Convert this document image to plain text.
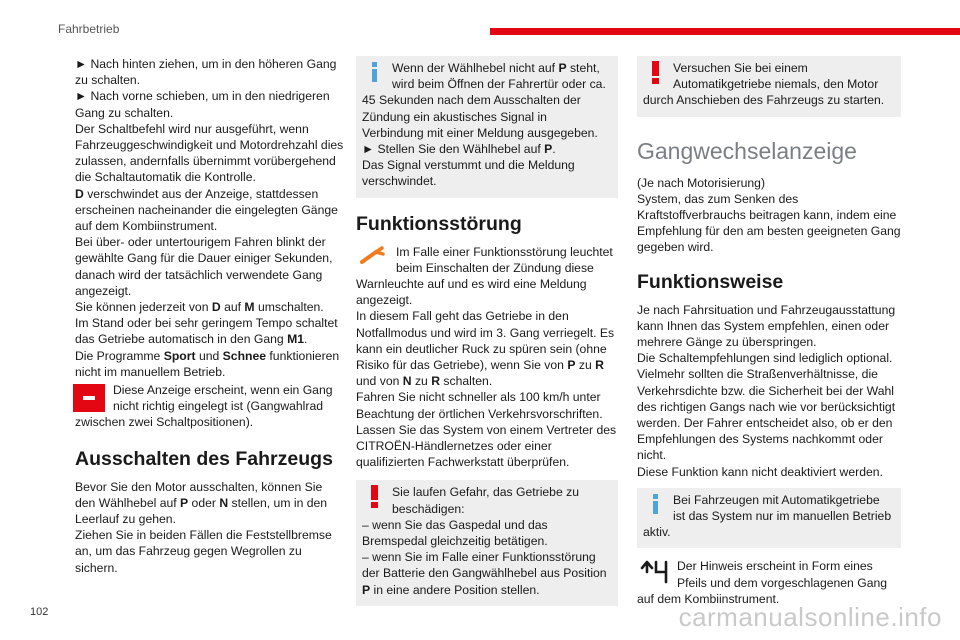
Fahrbetrieb

► Nach hinten ziehen, um in den höheren Gang zu schalten.

► Nach vorne schieben, um in den niedrigeren Gang zu schalten.

Der Schaltbefehl wird nur ausgeführt, wenn Fahrzeuggeschwindigkeit und Motordrehzahl dies zulassen, andernfalls übernimmt vorübergehend die Schaltautomatik die Kontrolle.

D verschwindet aus der Anzeige, stattdessen erscheinen nacheinander die eingelegten Gänge auf dem Kombiinstrument.

Bei über- oder untertourigem Fahren blinkt der gewählte Gang für die Dauer einiger Sekunden, danach wird der tatsächlich verwendete Gang angezeigt.

Sie können jederzeit von D auf M umschalten.

Im Stand oder bei sehr geringem Tempo schaltet das Getriebe automatisch in den Gang M1.

Die Programme Sport und Schnee funktionieren nicht im manuellem Betrieb.

Diese Anzeige erscheint, wenn ein Gang nicht richtig eingelegt ist (Gangwahlrad zwischen zwei Schaltpositionen).

Ausschalten des Fahrzeugs

Bevor Sie den Motor ausschalten, können Sie den Wählhebel auf P oder N stellen, um in den Leerlauf zu gehen.

Ziehen Sie in beiden Fällen die Feststellbremse an, um das Fahrzeug gegen Wegrollen zu sichern.

Wenn der Wählhebel nicht auf P steht, wird beim Öffnen der Fahrertür oder ca. 45 Sekunden nach dem Ausschalten der Zündung ein akustisches Signal in Verbindung mit einer Meldung ausgegeben.

► Stellen Sie den Wählhebel auf P.

Das Signal verstummt und die Meldung verschwindet.

Funktionsstörung

Im Falle einer Funktionsstörung leuchtet beim Einschalten der Zündung diese Warnleuchte auf und es wird eine Meldung angezeigt.

In diesem Fall geht das Getriebe in den Notfallmodus und wird im 3. Gang verriegelt. Es kann ein deutlicher Ruck zu spüren sein (ohne Risiko für das Getriebe), wenn Sie von P zu R und von N zu R schalten.

Fahren Sie nicht schneller als 100 km/h unter Beachtung der örtlichen Verkehrsvorschriften.

Lassen Sie das System von einem Vertreter des CITROËN-Händlernetzes oder einer qualifizierten Fachwerkstatt überprüfen.

Sie laufen Gefahr, das Getriebe zu beschädigen:

– wenn Sie das Gaspedal und das Bremspedal gleichzeitig betätigen.

– wenn Sie im Falle einer Funktionsstörung der Batterie den Gangwählhebel aus Position P in eine andere Position stellen.

Versuchen Sie bei einem Automatikgetriebe niemals, den Motor durch Anschieben des Fahrzeugs zu starten.

Gangwechselanzeige

(Je nach Motorisierung)

System, das zum Senken des Kraftstoffverbrauchs beitragen kann, indem eine Empfehlung für den am besten geeigneten Gang gegeben wird.

Funktionsweise

Je nach Fahrsituation und Fahrzeugausstattung kann Ihnen das System empfehlen, einen oder mehrere Gänge zu überspringen.

Die Schaltempfehlungen sind lediglich optional. Vielmehr sollten die Straßenverhältnisse, die Verkehrsdichte bzw. die Sicherheit bei der Wahl des richtigen Gangs nach wie vor berücksichtigt werden. Der Fahrer entscheidet also, ob er den Empfehlungen des Systems nachkommt oder nicht.

Diese Funktion kann nicht deaktiviert werden.

Bei Fahrzeugen mit Automatikgetriebe ist das System nur im manuellen Betrieb aktiv.

Der Hinweis erscheint in Form eines Pfeils und dem vorgeschlagenen Gang auf dem Kombiinstrument.

102	carmanualsonline.info
